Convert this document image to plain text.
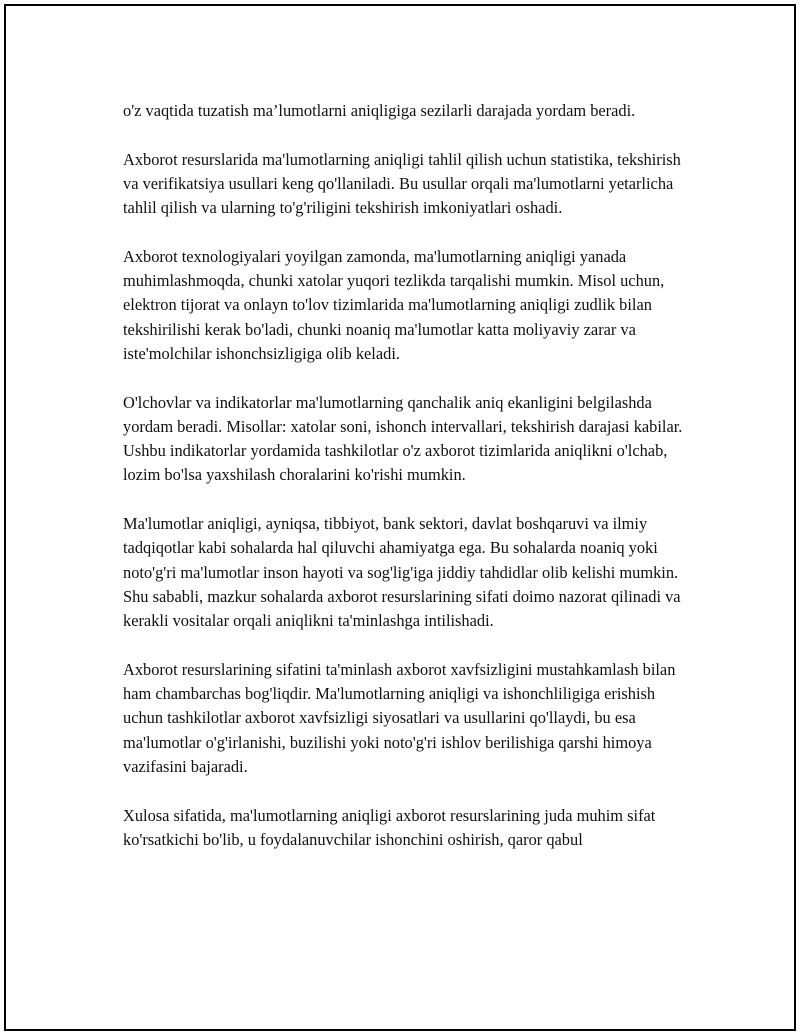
o'z vaqtida tuzatish ma’lumotlarni aniqligiga sezilarli darajada yordam beradi.

Axborot resurslarida ma'lumotlarning aniqligi tahlil qilish uchun statistika, tekshirish va verifikatsiya usullari keng qo'llaniladi. Bu usullar orqali ma'lumotlarni yetarlicha tahlil qilish va ularning to'g'riligini tekshirish imkoniyatlari oshadi.

Axborot texnologiyalari yoyilgan zamonda, ma'lumotlarning aniqligi yanada muhimlashmoqda, chunki xatolar yuqori tezlikda tarqalishi mumkin. Misol uchun, elektron tijorat va onlayn to'lov tizimlarida ma'lumotlarning aniqligi zudlik bilan tekshirilishi kerak bo'ladi, chunki noaniq ma'lumotlar katta moliyaviy zarar va iste'molchilar ishonchsizligiga olib keladi.

O'lchovlar va indikatorlar ma'lumotlarning qanchalik aniq ekanligini belgilashda yordam beradi. Misollar: xatolar soni, ishonch intervallari, tekshirish darajasi kabilar. Ushbu indikatorlar yordamida tashkilotlar o'z axborot tizimlarida aniqlikni o'lchab, lozim bo'lsa yaxshilash choralarini ko'rishi mumkin.

Ma'lumotlar aniqligi, ayniqsa, tibbiyot, bank sektori, davlat boshqaruvi va ilmiy tadqiqotlar kabi sohalarda hal qiluvchi ahamiyatga ega. Bu sohalarda noaniq yoki noto'g'ri ma'lumotlar inson hayoti va sog'lig'iga jiddiy tahdidlar olib kelishi mumkin. Shu sababli, mazkur sohalarda axborot resurslarining sifati doimo nazorat qilinadi va kerakli vositalar orqali aniqlikni ta'minlashga intilishadi.

Axborot resurslarining sifatini ta'minlash axborot xavfsizligini mustahkamlash bilan ham chambarchas bog'liqdir. Ma'lumotlarning aniqligi va ishonchliligiga erishish uchun tashkilotlar axborot xavfsizligi siyosatlari va usullarini qo'llaydi, bu esa ma'lumotlar o'g'irlanishi, buzilishi yoki noto'g'ri ishlov berilishiga qarshi himoya vazifasini bajaradi.

Xulosa sifatida, ma'lumotlarning aniqligi axborot resurslarining juda muhim sifat ko'rsatkichi bo'lib, u foydalanuvchilar ishonchini oshirish, qaror qabul
